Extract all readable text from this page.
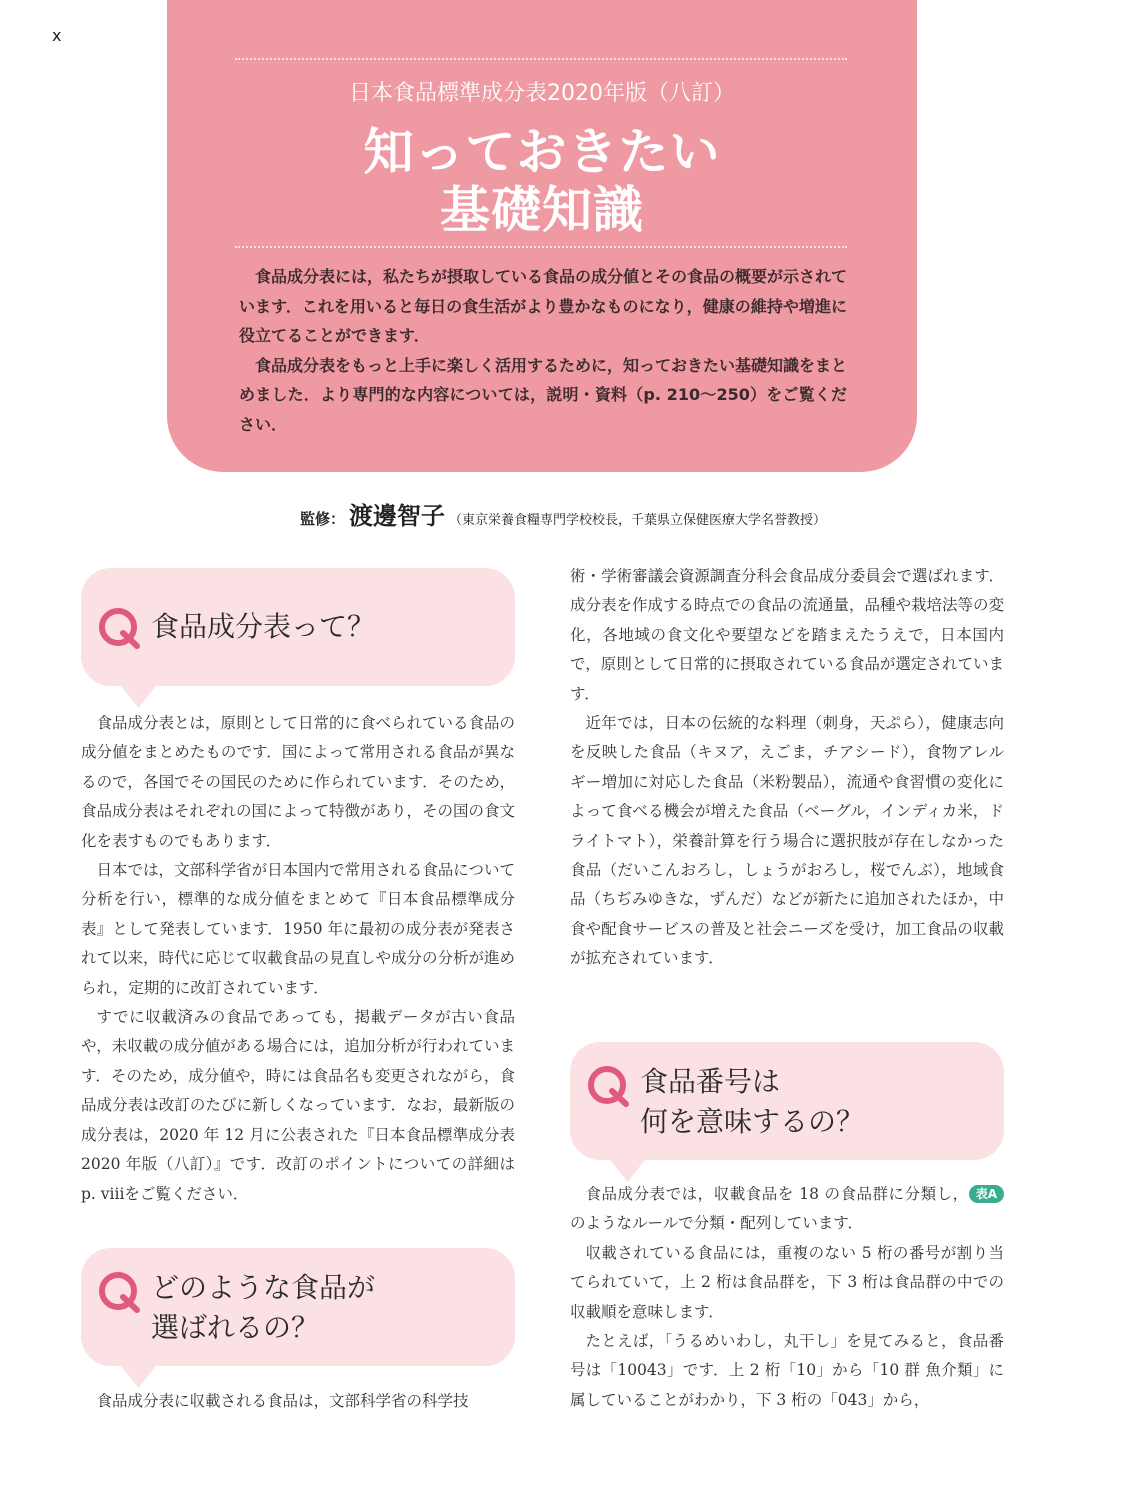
x
日本食品標準成分表2020年版（八訂）
知っておきたい
基礎知識

食品成分表には，私たちが摂取している食品の成分値とその食品の概要が示されています．これを用いると毎日の食生活がより豊かなものになり，健康の維持や増進に役立てることができます．

食品成分表をもっと上手に楽しく活用するために，知っておきたい基礎知識をまとめました．より専門的な内容については，説明・資料（p. 210〜250）をご覧ください．

監修： 渡邊智子 （東京栄養食糧専門学校校長，千葉県立保健医療大学名誉教授）
食品成分表って？

食品成分表とは，原則として日常的に食べられている食品の成分値をまとめたものです．国によって常用される食品が異なるので，各国でその国民のために作られています．そのため，食品成分表はそれぞれの国によって特徴があり，その国の食文化を表すものでもあります．

日本では，文部科学省が日本国内で常用される食品について分析を行い，標準的な成分値をまとめて『日本食品標準成分表』として発表しています．1950 年に最初の成分表が発表されて以来，時代に応じて収載食品の見直しや成分の分析が進められ，定期的に改訂されています．

すでに収載済みの食品であっても，掲載データが古い食品や，未収載の成分値がある場合には，追加分析が行われています．そのため，成分値や，時には食品名も変更されながら，食品成分表は改訂のたびに新しくなっています．なお，最新版の成分表は，2020 年 12 月に公表された『日本食品標準成分表 2020 年版（八訂）』です．改訂のポイントについての詳細は p. viiiをご覧ください．

どのような食品が
選ばれるの？

食品成分表に収載される食品は，文部科学省の科学技

術・学術審議会資源調査分科会食品成分委員会で選ばれます．成分表を作成する時点での食品の流通量，品種や栽培法等の変化，各地域の食文化や要望などを踏まえたうえで，日本国内で，原則として日常的に摂取されている食品が選定されています．

近年では，日本の伝統的な料理（刺身，天ぷら），健康志向を反映した食品（キヌア，えごま，チアシード），食物アレルギー増加に対応した食品（米粉製品），流通や食習慣の変化によって食べる機会が増えた食品（ベーグル，インディカ米，ドライトマト），栄養計算を行う場合に選択肢が存在しなかった食品（だいこんおろし，しょうがおろし，桜でんぶ），地域食品（ちぢみゆきな，ずんだ）などが新たに追加されたほか，中食や配食サービスの普及と社会ニーズを受け，加工食品の収載が拡充されています．

食品番号は
何を意味するの？

食品成分表では，収載食品を 18 の食品群に分類し， 表Aのようなルールで分類・配列しています．

収載されている食品には，重複のない 5 桁の番号が割り当てられていて，上 2 桁は食品群を，下 3 桁は食品群の中での収載順を意味します．

たとえば，「うるめいわし，丸干し」を見てみると，食品番号は「10043」です．上 2 桁「10」から「10 群 魚介類」に属していることがわかり，下 3 桁の「043」から，
